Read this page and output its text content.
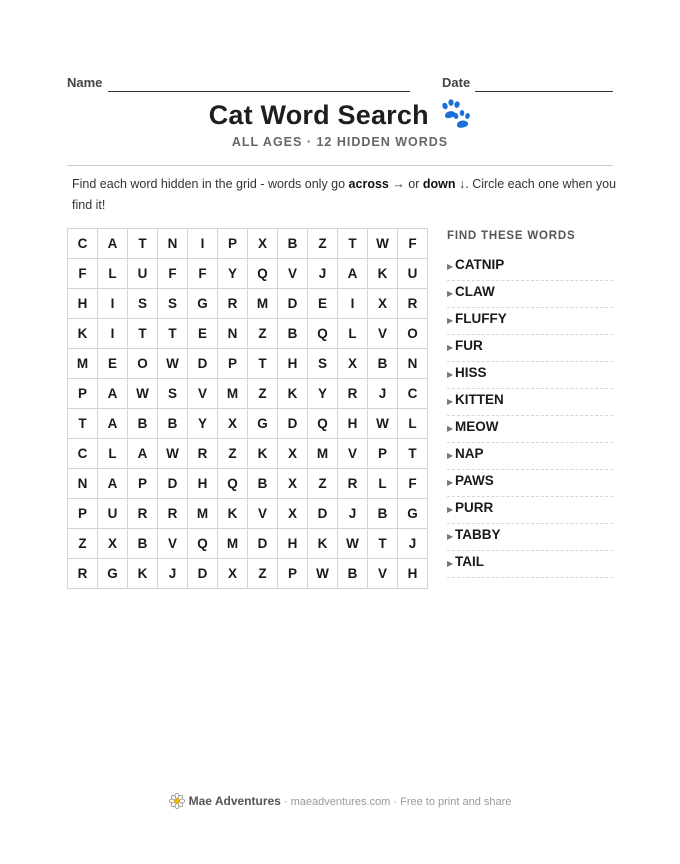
Name	Date
Cat Word Search
ALL AGES · 12 HIDDEN WORDS
Find each word hidden in the grid - words only go across → or down ↓. Circle each one when you find it!
C	A	T	N	I	P	X	B	Z	T	W	F
F	L	U	F	F	Y	Q	V	J	A	K	U
H	I	S	S	G	R	M	D	E	I	X	R
K	I	T	T	E	N	Z	B	Q	L	V	O
M	E	O	W	D	P	T	H	S	X	B	N
P	A	W	S	V	M	Z	K	Y	R	J	C
T	A	B	B	Y	X	G	D	Q	H	W	L
C	L	A	W	R	Z	K	X	M	V	P	T
N	A	P	D	H	Q	B	X	Z	R	L	F
P	U	R	R	M	K	V	X	D	J	B	G
Z	X	B	V	Q	M	D	H	K	W	T	J
R	G	K	J	D	X	Z	P	W	B	V	H
FIND THESE WORDS
▶ CATNIP
▶ CLAW
▶ FLUFFY
▶ FUR
▶ HISS
▶ KITTEN
▶ MEOW
▶ NAP
▶ PAWS
▶ PURR
▶ TABBY
▶ TAIL
Mae Adventures · maeadventures.com · Free to print and share
